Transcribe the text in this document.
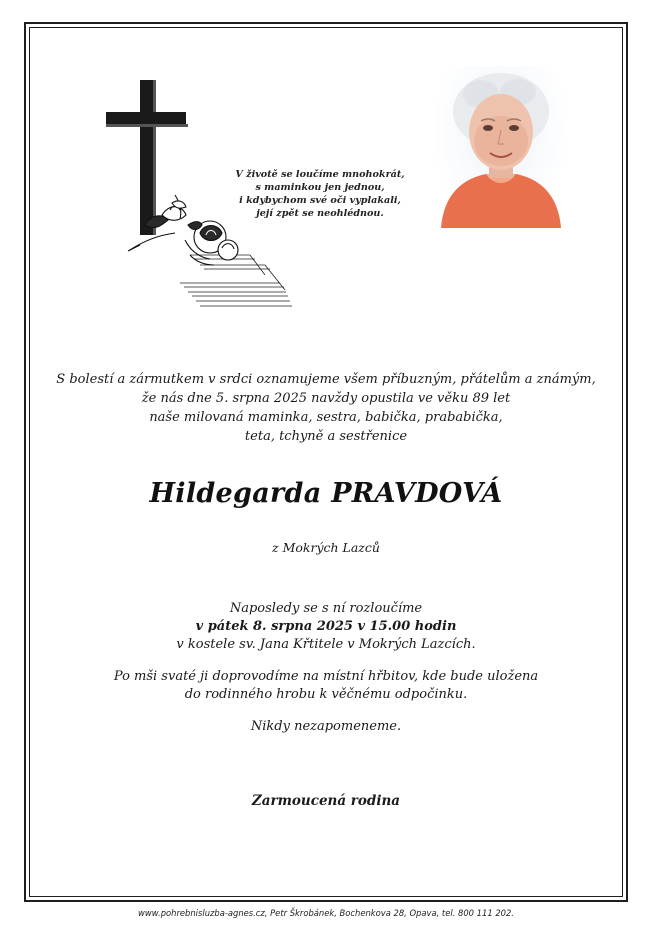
V životě se loučíme mnohokrát,
s maminkou jen jednou,
i kdybychom své oči vyplakali,
její zpět se neohlédnou.
S bolestí a zármutkem v srdci oznamujeme všem příbuzným, přátelům a známým,
že nás dne 5. srpna 2025 navždy opustila ve věku 89 let
naše milovaná maminka, sestra, babička, prababička,
teta, tchyně a sestřenice
Hildegarda PRAVDOVÁ
z Mokrých Lazců
Naposledy se s ní rozloučíme
v pátek 8. srpna 2025 v 15.00 hodin
v kostele sv. Jana Křtitele v Mokrých Lazcích.
Po mši svaté ji doprovodíme na místní hřbitov, kde bude uložena
do rodinného hrobu k věčnému odpočinku.
Nikdy nezapomeneme.
Zarmoucená rodina
www.pohrebnisluzba-agnes.cz, Petr Škrobánek, Bochenkova 28, Opava, tel. 800 111 202.
